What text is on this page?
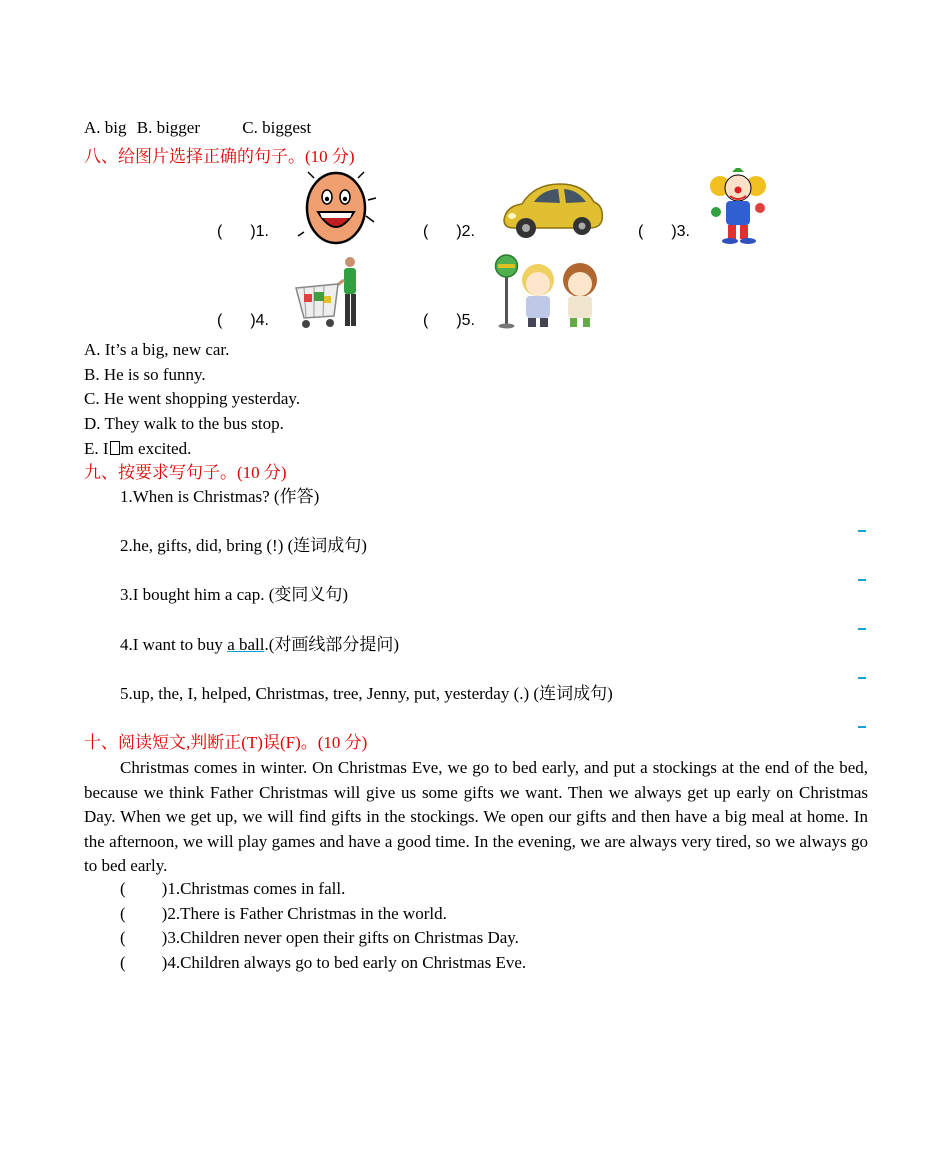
A. big B. bigger C. biggest
八、给图片选择正确的句子。(10 分)
( )1.	( )2.	( )3.
( )4.	( )5.
A. It’s a big, new car.
B. He is so funny.
C. He went shopping yesterday.
D. They walk to the bus stop.
E. I m excited.
九、按要求写句子。(10 分)
1.When is Christmas? (作答)
2.he, gifts, did, bring (!) (连词成句)
3.I bought him a cap. (变同义句)
4.I want to buy a ball.(对画线部分提问)
5.up, the, I, helped, Christmas, tree, Jenny, put, yesterday (.) (连词成句)
十、阅读短文,判断正(T)误(F)。(10 分)
Christmas comes in winter. On Christmas Eve, we go to bed early, and put a stockings at the end of the bed, because we think Father Christmas will give us some gifts we want. Then we always get up early on Christmas Day. When we get up, we will find gifts in the stockings. We open our gifts and then have a big meal at home. In the afternoon, we will play games and have a good time. In the evening, we are always very tired, so we always go to bed early.
( )1.Christmas comes in fall.
( )2.There is Father Christmas in the world.
( )3.Children never open their gifts on Christmas Day.
( )4.Children always go to bed early on Christmas Eve.
